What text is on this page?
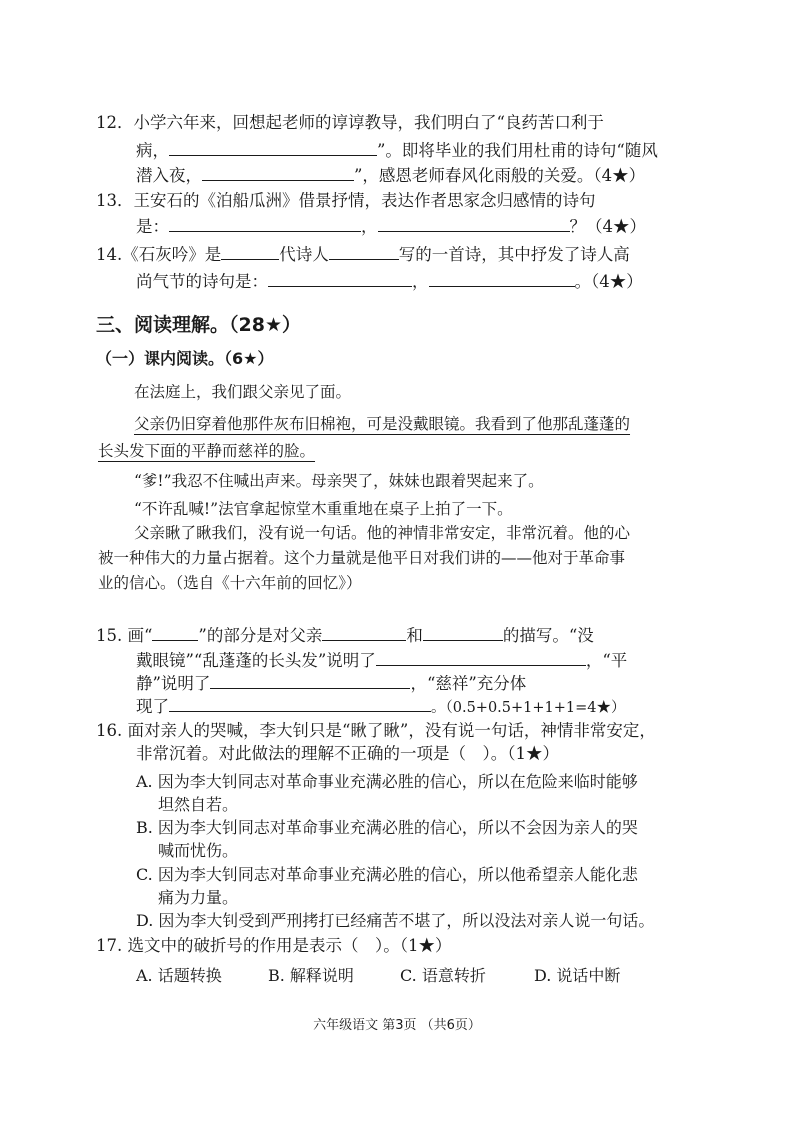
12．小学六年来，回想起老师的谆谆教导，我们明白了“良药苦口利于
病，	”。即将毕业的我们用杜甫的诗句“随风
潜入夜，	”，感恩老师春风化雨般的关爱。（4★）
13．王安石的《泊船瓜洲》借景抒情，表达作者思家念归感情的诗句
是：	，	？（4★）
14.《石灰吟》是	代诗人	写的一首诗，其中抒发了诗人高
尚气节的诗句是：	，	。（4★）
三、阅读理解。（28★）
（一）课内阅读。（6★）
在法庭上，我们跟父亲见了面。
父亲仍旧穿着他那件灰布旧棉袍，可是没戴眼镜。我看到了他那乱蓬蓬的
长头发下面的平静而慈祥的脸。
“爹!”我忍不住喊出声来。母亲哭了，妹妹也跟着哭起来了。
“不许乱喊!”法官拿起惊堂木重重地在桌子上拍了一下。
父亲瞅了瞅我们，没有说一句话。他的神情非常安定，非常沉着。他的心
被一种伟大的力量占据着。这个力量就是他平日对我们讲的——他对于革命事
业的信心。（选自《十六年前的回忆》）
15. 画“	”的部分是对父亲	和	的描写。“没
戴眼镜”“乱蓬蓬的长头发”说明了	，“平
静”说明了	，“慈祥”充分体
现了	。（0.5+0.5+1+1+1=4★）
16. 面对亲人的哭喊，李大钊只是“瞅了瞅”，没有说一句话，神情非常安定，
非常沉着。对此做法的理解不正确的一项是（　）。（1★）
A. 因为李大钊同志对革命事业充满必胜的信心，所以在危险来临时能够
坦然自若。
B. 因为李大钊同志对革命事业充满必胜的信心，所以不会因为亲人的哭
喊而忧伤。
C. 因为李大钊同志对革命事业充满必胜的信心，所以他希望亲人能化悲
痛为力量。
D. 因为李大钊受到严刑拷打已经痛苦不堪了，所以没法对亲人说一句话。
17. 选文中的破折号的作用是表示（　）。（1★）
A. 话题转换	B. 解释说明	C. 语意转折	D. 说话中断
六年级语文 第3页 （共6页）
